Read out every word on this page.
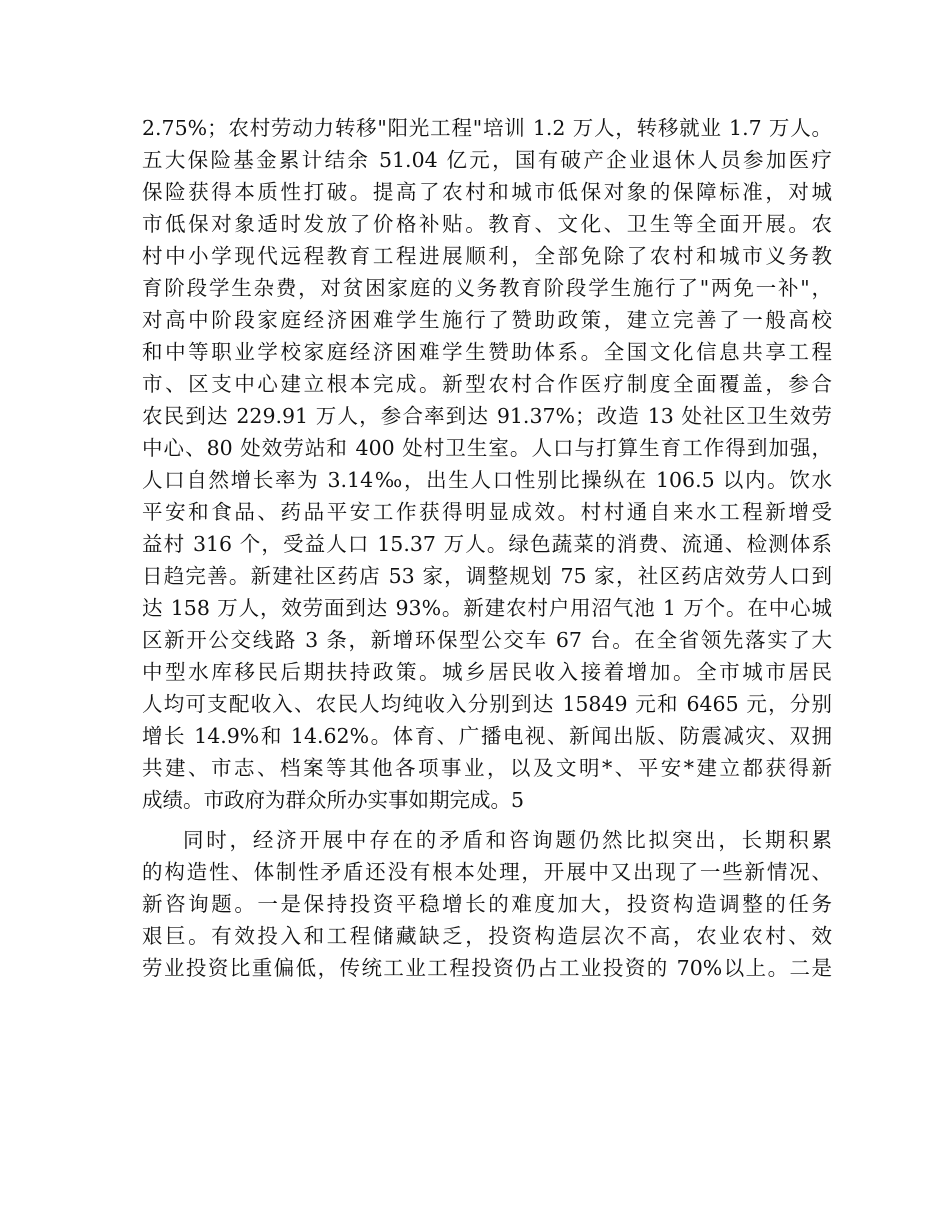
2.75%；农村劳动力转移"阳光工程"培训 1.2 万人，转移就业 1.7 万人。
五大保险基金累计结余 51.04 亿元，国有破产企业退休人员参加医疗
保险获得本质性打破。提高了农村和城市低保对象的保障标准，对城
市低保对象适时发放了价格补贴。教育、文化、卫生等全面开展。农
村中小学现代远程教育工程进展顺利，全部免除了农村和城市义务教
育阶段学生杂费，对贫困家庭的义务教育阶段学生施行了"两免一补"，
对高中阶段家庭经济困难学生施行了赞助政策，建立完善了一般高校
和中等职业学校家庭经济困难学生赞助体系。全国文化信息共享工程
市、区支中心建立根本完成。新型农村合作医疗制度全面覆盖，参合
农民到达 229.91 万人，参合率到达 91.37%；改造 13 处社区卫生效劳
中心、80 处效劳站和 400 处村卫生室。人口与打算生育工作得到加强，
人口自然增长率为 3.14‰，出生人口性别比操纵在 106.5 以内。饮水
平安和食品、药品平安工作获得明显成效。村村通自来水工程新增受
益村 316 个，受益人口 15.37 万人。绿色蔬菜的消费、流通、检测体系
日趋完善。新建社区药店 53 家，调整规划 75 家，社区药店效劳人口到
达 158 万人，效劳面到达 93%。新建农村户用沼气池 1 万个。在中心城
区新开公交线路 3 条，新增环保型公交车 67 台。在全省领先落实了大
中型水库移民后期扶持政策。城乡居民收入接着增加。全市城市居民
人均可支配收入、农民人均纯收入分别到达 15849 元和 6465 元，分别
增长 14.9%和 14.62%。体育、广播电视、新闻出版、防震减灾、双拥
共建、市志、档案等其他各项事业，以及文明*、平安*建立都获得新
成绩。市政府为群众所办实事如期完成。5
同时，经济开展中存在的矛盾和咨询题仍然比拟突出，长期积累
的构造性、体制性矛盾还没有根本处理，开展中又出现了一些新情况、
新咨询题。一是保持投资平稳增长的难度加大，投资构造调整的任务
艰巨。有效投入和工程储藏缺乏，投资构造层次不高，农业农村、效
劳业投资比重偏低，传统工业工程投资仍占工业投资的 70%以上。二是
